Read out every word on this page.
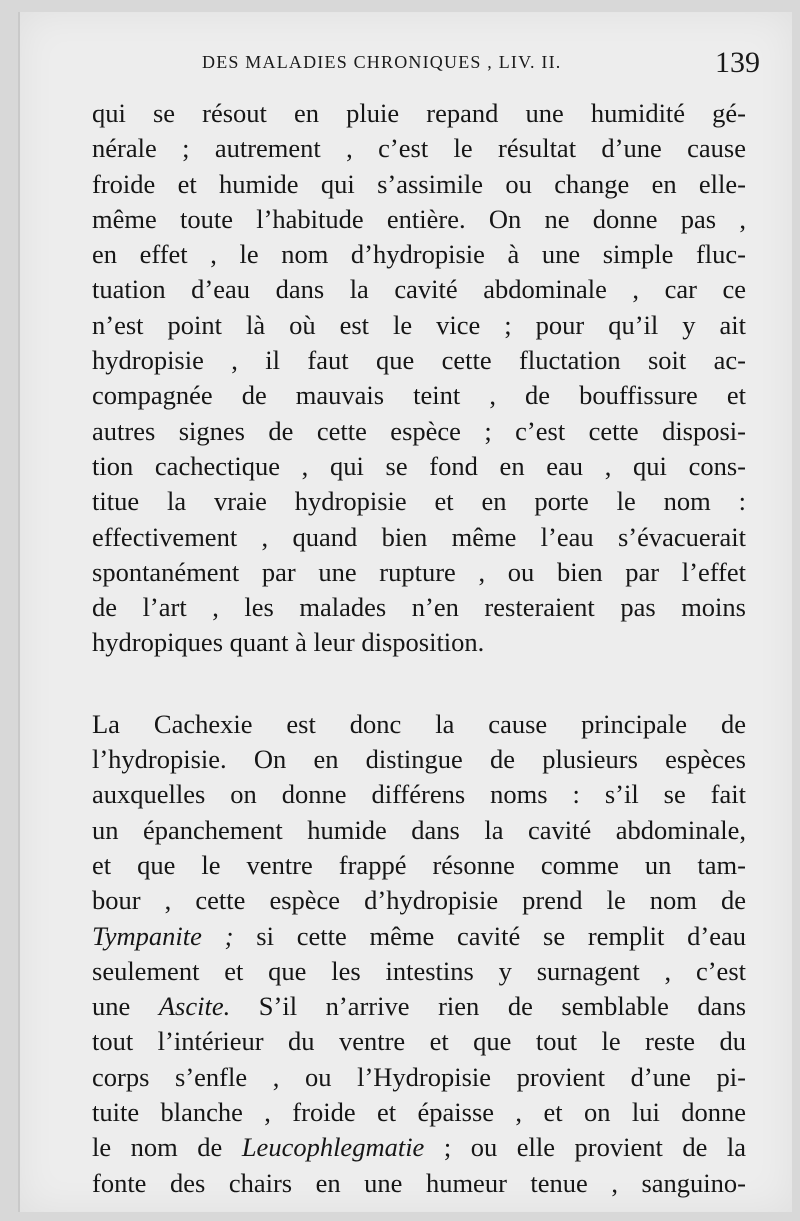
DES MALADIES CHRONIQUES , LIV. II.	139
qui se résout en pluie repand une humidité gé-
nérale ; autrement , c’est le résultat d’une cause
froide et humide qui s’assimile ou change en elle-
même toute l’habitude entière. On ne donne pas ,
en effet , le nom d’hydropisie à une simple fluc-
tuation d’eau dans la cavité abdominale , car ce
n’est point là où est le vice ; pour qu’il y ait
hydropisie , il faut que cette fluctation soit ac-
compagnée de mauvais teint , de bouffissure et
autres signes de cette espèce ; c’est cette disposi-
tion cachectique , qui se fond en eau , qui cons-
titue la vraie hydropisie et en porte le nom :
effectivement , quand bien même l’eau s’évacuerait
spontanément par une rupture , ou bien par l’effet
de l’art , les malades n’en resteraient pas moins
hydropiques quant à leur disposition.
La Cachexie est donc la cause principale de
l’hydropisie. On en distingue de plusieurs espèces
auxquelles on donne différens noms : s’il se fait
un épanchement humide dans la cavité abdominale,
et que le ventre frappé résonne comme un tam-
bour , cette espèce d’hydropisie prend le nom de
Tympanite ; si cette même cavité se remplit d’eau
seulement et que les intestins y surnagent , c’est
une Ascite. S’il n’arrive rien de semblable dans
tout l’intérieur du ventre et que tout le reste du
corps s’enfle , ou l’Hydropisie provient d’une pi-
tuite blanche , froide et épaisse , et on lui donne
le nom de Leucophlegmatie ; ou elle provient de la
fonte des chairs en une humeur tenue , sanguino-
